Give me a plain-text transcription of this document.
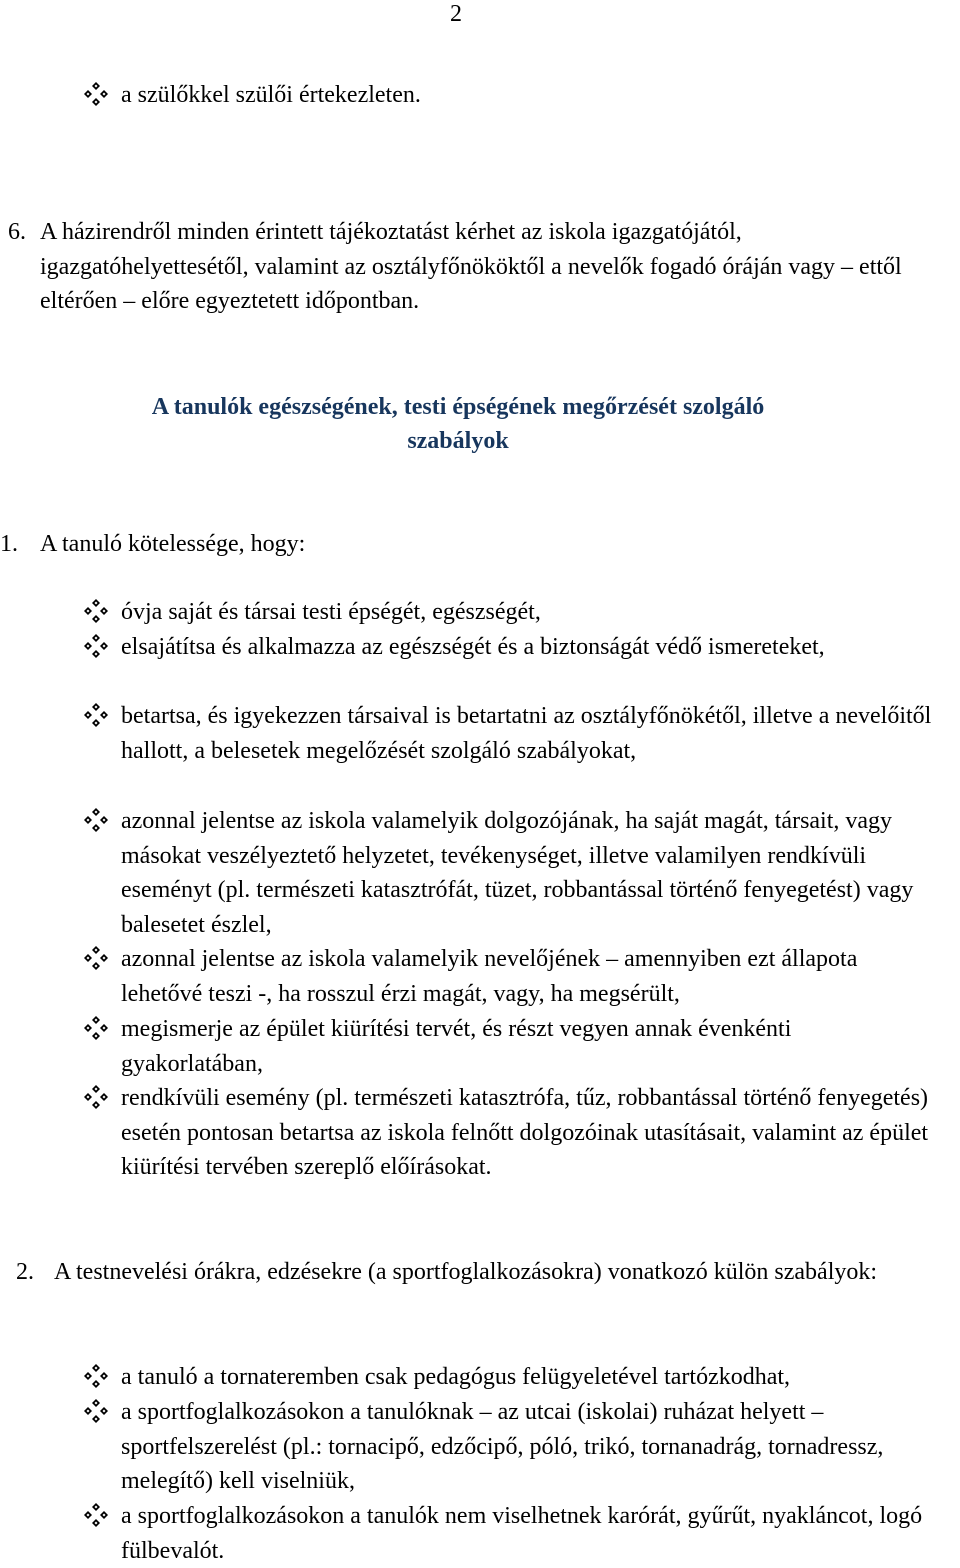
2
a szülőkkel szülői értekezleten.
6. A házirendről minden érintett tájékoztatást kérhet az iskola igazgatójától, igazgatóhelyettesétől, valamint az osztályfőnököktől a nevelők fogadó óráján vagy – ettől eltérően – előre egyeztetett időpontban.
A tanulók egészségének, testi épségének megőrzését szolgáló
szabályok
1. A tanuló kötelessége, hogy:
óvja saját és társai testi épségét, egészségét,
elsajátítsa és alkalmazza az egészségét és a biztonságát védő ismereteket,
betartsa, és igyekezzen társaival is betartatni az osztályfőnökétől, illetve a nevelőitől hallott, a belesetek megelőzését szolgáló szabályokat,
azonnal jelentse az iskola valamelyik dolgozójának, ha saját magát, társait, vagy másokat veszélyeztető helyzetet, tevékenységet, illetve valamilyen rendkívüli eseményt (pl. természeti katasztrófát, tüzet, robbantással történő fenyegetést) vagy balesetet észlel,
azonnal jelentse az iskola valamelyik nevelőjének – amennyiben ezt állapota lehetővé teszi -, ha rosszul érzi magát, vagy, ha megsérült,
megismerje az épület kiürítési tervét, és részt vegyen annak évenkénti gyakorlatában,
rendkívüli esemény (pl. természeti katasztrófa, tűz, robbantással történő fenyegetés) esetén pontosan betartsa az iskola felnőtt dolgozóinak utasításait, valamint az épület kiürítési tervében szereplő előírásokat.
2. A testnevelési órákra, edzésekre (a sportfoglalkozásokra) vonatkozó külön szabályok:
a tanuló a tornateremben csak pedagógus felügyeletével tartózkodhat,
a sportfoglalkozásokon a tanulóknak – az utcai (iskolai) ruházat helyett – sportfelszerelést (pl.: tornacipő, edzőcipő, póló, trikó, tornanadrág, tornadressz, melegítő) kell viselniük,
a sportfoglalkozásokon a tanulók nem viselhetnek karórát, gyűrűt, nyakláncot, logó fülbevalót.
